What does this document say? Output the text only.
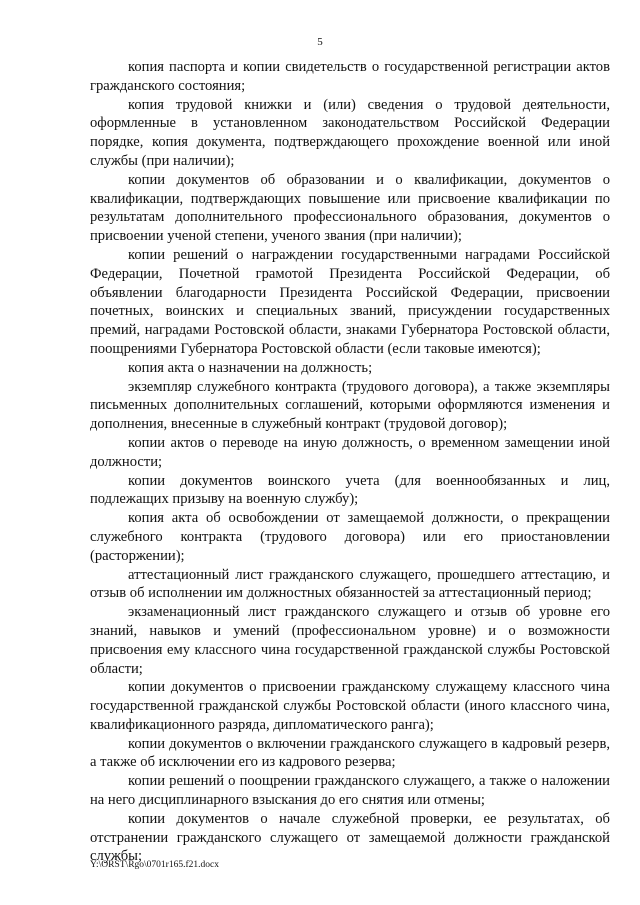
5

копия паспорта и копии свидетельств о государственной регистрации актов гражданского состояния;

копия трудовой книжки и (или) сведения о трудовой деятельности, оформленные в установленном законодательством Российской Федерации порядке, копия документа, подтверждающего прохождение военной или иной службы (при наличии);

копии документов об образовании и о квалификации, документов о квалификации, подтверждающих повышение или присвоение квалификации по результатам дополнительного профессионального образования, документов о присвоении ученой степени, ученого звания (при наличии);

копии решений о награждении государственными наградами Российской Федерации, Почетной грамотой Президента Российской Федерации, об объявлении благодарности Президента Российской Федерации, присвоении почетных, воинских и специальных званий, присуждении государственных премий, наградами Ростовской области, знаками Губернатора Ростовской области, поощрениями Губернатора Ростовской области (если таковые имеются);

копия акта о назначении на должность;

экземпляр служебного контракта (трудового договора), а также экземпляры письменных дополнительных соглашений, которыми оформляются изменения и дополнения, внесенные в служебный контракт (трудовой договор);

копии актов о переводе на иную должность, о временном замещении иной должности;

копии документов воинского учета (для военнообязанных и лиц, подлежащих призыву на военную службу);

копия акта об освобождении от замещаемой должности, о прекращении служебного контракта (трудового договора) или его приостановлении (расторжении);

аттестационный лист гражданского служащего, прошедшего аттестацию, и отзыв об исполнении им должностных обязанностей за аттестационный период;

экзаменационный лист гражданского служащего и отзыв об уровне его знаний, навыков и умений (профессиональном уровне) и о возможности присвоения ему классного чина государственной гражданской службы Ростовской области;

копии документов о присвоении гражданскому служащему классного чина государственной гражданской службы Ростовской области (иного классного чина, квалификационного разряда, дипломатического ранга);

копии документов о включении гражданского служащего в кадровый резерв, а также об исключении его из кадрового резерва;

копии решений о поощрении гражданского служащего, а также о наложении на него дисциплинарного взыскания до его снятия или отмены;

копии документов о начале служебной проверки, ее результатах, об отстранении гражданского служащего от замещаемой должности гражданской службы;

Y:\ORST\Rgo\0701r165.f21.docx
